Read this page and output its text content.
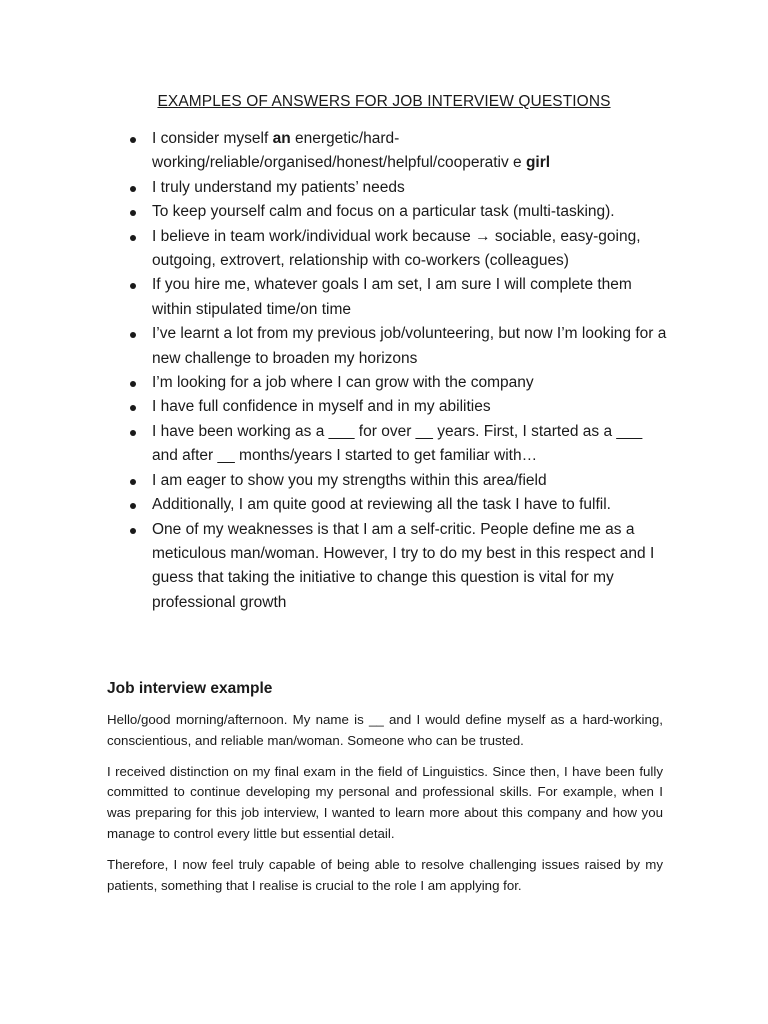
EXAMPLES OF ANSWERS FOR JOB INTERVIEW QUESTIONS
I consider myself an energetic/hard-working/reliable/organised/honest/helpful/cooperativ e girl
I truly understand my patients’ needs
To keep yourself calm and focus on a particular task (multi-tasking).
I believe in team work/individual work because → sociable, easy-going, outgoing, extrovert, relationship with co-workers (colleagues)
If you hire me, whatever goals I am set, I am sure I will complete them within stipulated time/on time
I’ve learnt a lot from my previous job/volunteering, but now I’m looking for a new challenge to broaden my horizons
I’m looking for a job where I can grow with the company
I have full confidence in myself and in my abilities
I have been working as a ___ for over __ years. First, I started as a ___ and after __ months/years I started to get familiar with…
I am eager to show you my strengths within this area/field
Additionally, I am quite good at reviewing all the task I have to fulfil.
One of my weaknesses is that I am a self-critic. People define me as a meticulous man/woman. However, I try to do my best in this respect and I guess that taking the initiative to change this question is vital for my professional growth
Job interview example

Hello/good morning/afternoon. My name is __ and I would define myself as a hard-working, conscientious, and reliable man/woman. Someone who can be trusted.

I received distinction on my final exam in the field of Linguistics. Since then, I have been fully committed to continue developing my personal and professional skills. For example, when I was preparing for this job interview, I wanted to learn more about this company and how you manage to control every little but essential detail.

Therefore, I now feel truly capable of being able to resolve challenging issues raised by my patients, something that I realise is crucial to the role I am applying for.
